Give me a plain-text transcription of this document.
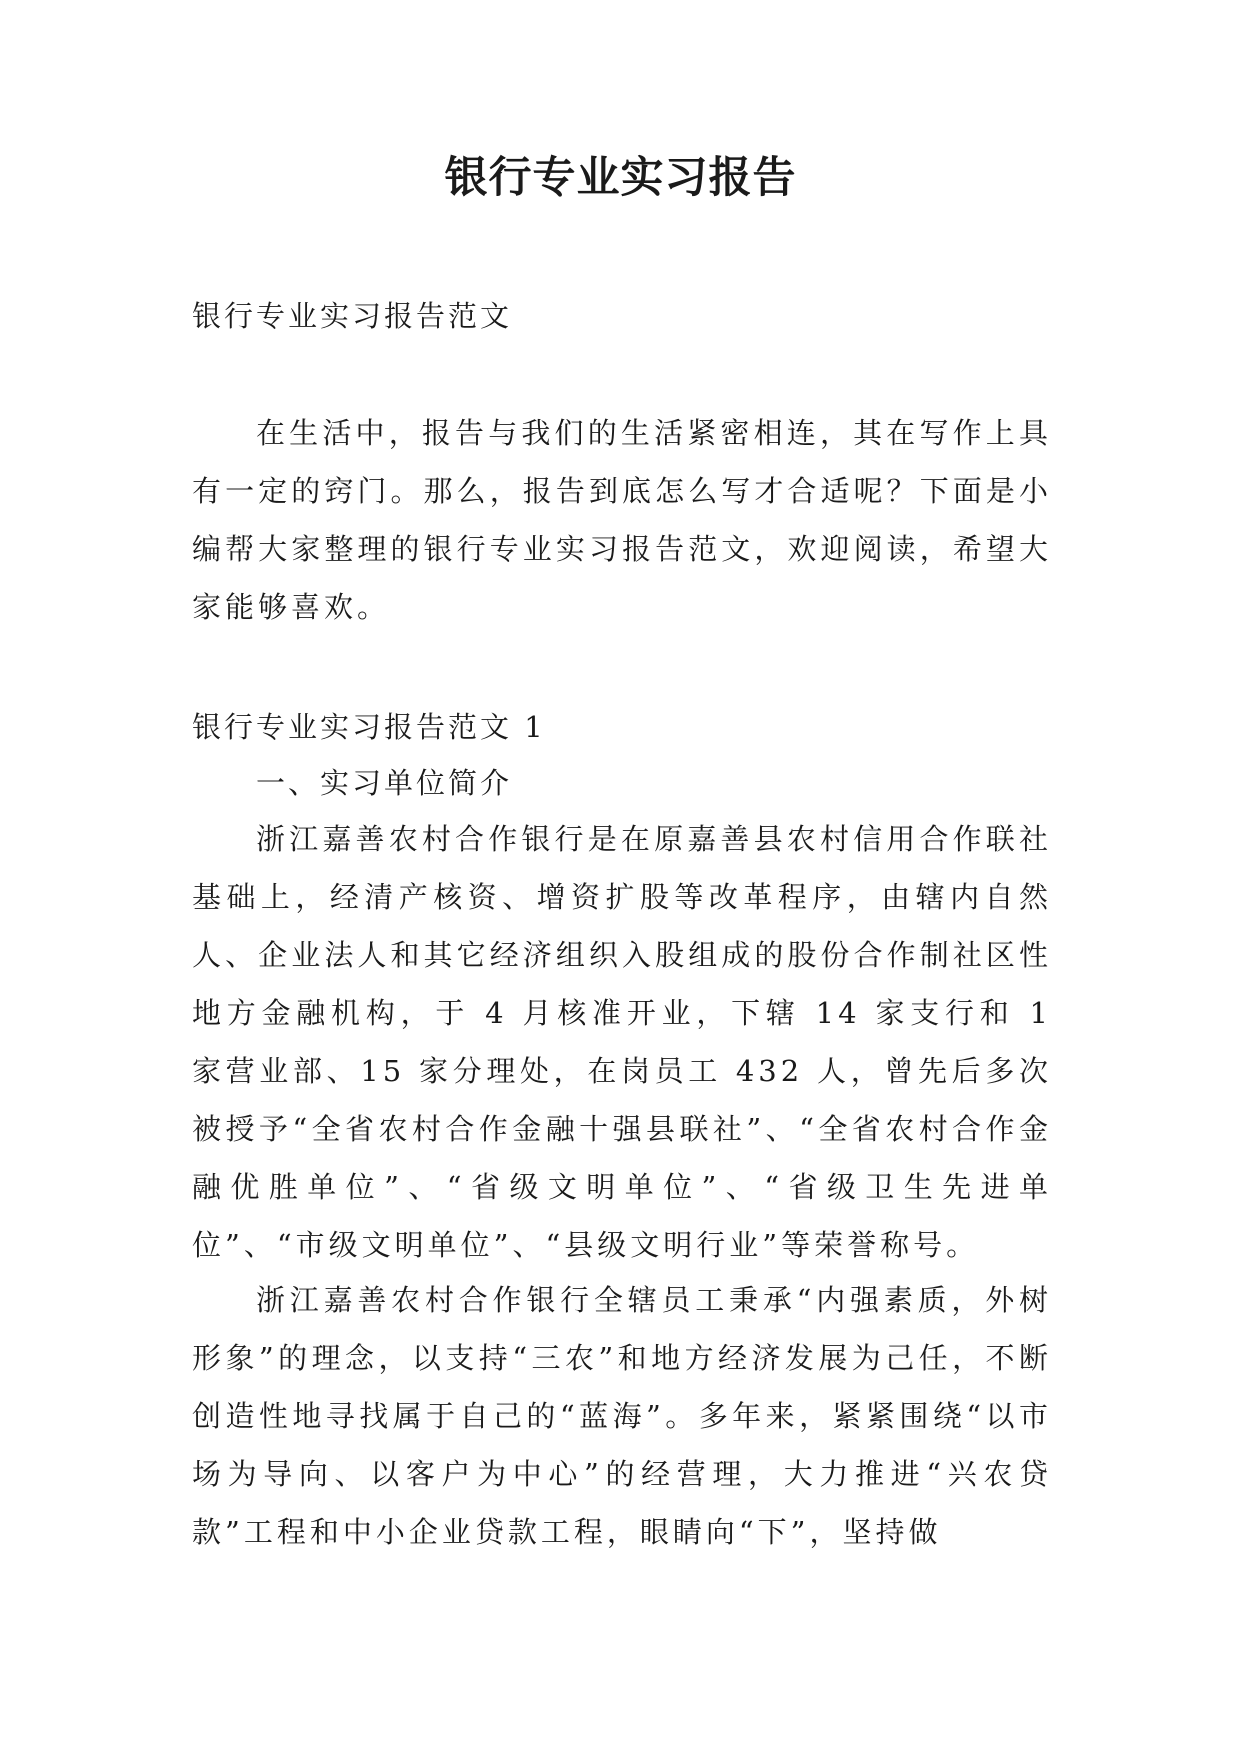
银行专业实习报告
银行专业实习报告范文

在生活中，报告与我们的生活紧密相连，其在写作上具有一定的窍门。那么，报告到底怎么写才合适呢？下面是小编帮大家整理的银行专业实习报告范文，欢迎阅读，希望大家能够喜欢。

银行专业实习报告范文 1
一、实习单位简介

浙江嘉善农村合作银行是在原嘉善县农村信用合作联社基础上，经清产核资、增资扩股等改革程序，由辖内自然人、企业法人和其它经济组织入股组成的股份合作制社区性地方金融机构，于 4 月核准开业，下辖 14 家支行和 1 家营业部、15 家分理处，在岗员工 432 人，曾先后多次被授予“全省农村合作金融十强县联社”、“全省农村合作金融优胜单位”、“省级文明单位”、“省级卫生先进单位”、“市级文明单位”、“县级文明行业”等荣誉称号。

浙江嘉善农村合作银行全辖员工秉承“内强素质，外树形象”的理念，以支持“三农”和地方经济发展为己任，不断创造性地寻找属于自己的“蓝海”。多年来，紧紧围绕“以市场为导向、以客户为中心”的经营理，大力推进“兴农贷款”工程和中小企业贷款工程，眼睛向“下”，坚持做
